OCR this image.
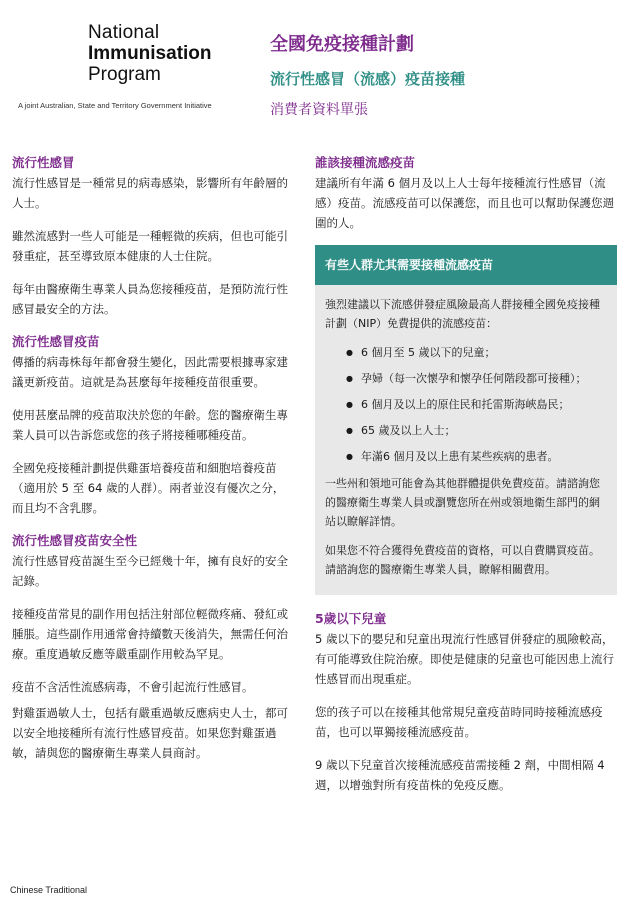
National
Immunisation
Program
A joint Australian, State and Territory Government Initiative
全國免疫接種計劃
流行性感冒（流感）疫苗接種
消費者資料單張
流行性感冒

流行性感冒是一種常見的病毒感染，影響所有年齡層的人士。

雖然流感對一些人可能是一種輕微的疾病，但也可能引發重症，甚至導致原本健康的人士住院。

每年由醫療衛生專業人員為您接種疫苗，是預防流行性感冒最安全的方法。

流行性感冒疫苗

傳播的病毒株每年都會發生變化，因此需要根據專家建議更新疫苗。這就是為甚麼每年接種疫苗很重要。

使用甚麼品牌的疫苗取決於您的年齡。您的醫療衛生專業人員可以告訴您或您的孩子將接種哪種疫苗。

全國免疫接種計劃提供雞蛋培養疫苗和細胞培養疫苗（適用於 5 至 64 歲的人群）。兩者並沒有優次之分，而且均不含乳膠。

流行性感冒疫苗安全性

流行性感冒疫苗誕生至今已經幾十年，擁有良好的安全記錄。

接種疫苗常見的副作用包括注射部位輕微疼痛、發紅或腫脹。這些副作用通常會持續數天後消失，無需任何治療。重度過敏反應等嚴重副作用較為罕見。

疫苗不含活性流感病毒，不會引起流行性感冒。

對雞蛋過敏人士，包括有嚴重過敏反應病史人士，都可以安全地接種所有流行性感冒疫苗。如果您對雞蛋過敏，請與您的醫療衛生專業人員商討。

誰該接種流感疫苗

建議所有年滿 6 個月及以上人士每年接種流行性感冒（流感）疫苗。流感疫苗可以保護您，而且也可以幫助保護您週圍的人。

有些人群尤其需要接種流感疫苗

強烈建議以下流感併發症風險最高人群接種全國免疫接種計劃（NIP）免費提供的流感疫苗：

● 6 個月至 5 歲以下的兒童；
● 孕婦（每一次懷孕和懷孕任何階段都可接種）；
● 6 個月及以上的原住民和托雷斯海峽島民；
● 65 歲及以上人士；
● 年滿6 個月及以上患有某些疾病的患者。

一些州和領地可能會為其他群體提供免費疫苗。請諮詢您的醫療衛生專業人員或瀏覽您所在州或領地衛生部門的網站以瞭解詳情。

如果您不符合獲得免費疫苗的資格，可以自費購買疫苗。請諮詢您的醫療衛生專業人員，瞭解相關費用。

5歲以下兒童

5 歲以下的嬰兒和兒童出現流行性感冒併發症的風險較高，有可能導致住院治療。即使是健康的兒童也可能因患上流行性感冒而出現重症。

您的孩子可以在接種其他常規兒童疫苗時同時接種流感疫苗，也可以單獨接種流感疫苗。

9 歲以下兒童首次接種流感疫苗需接種 2 劑，中間相隔 4 週，以增強對所有疫苗株的免疫反應。

Chinese Traditional
